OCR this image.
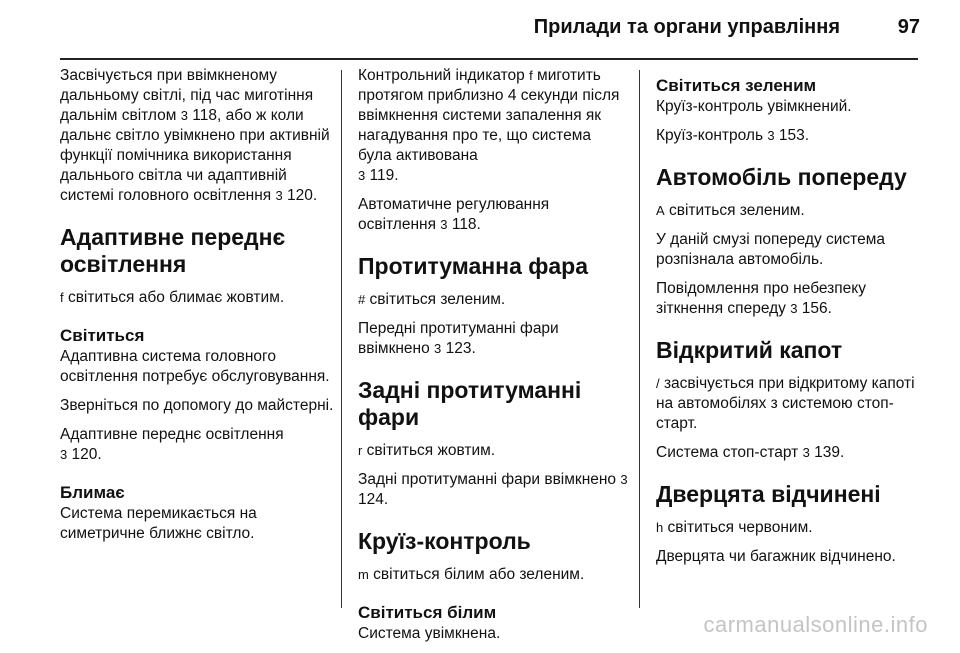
Прилади та органи управління	97

Засвічується при ввімкненому дальньому світлі, під час миготіння дальнім світлом 3 118, або ж коли дальнє світло увімкнено при активній функції помічника використання дальнього світла чи адаптивній системі головного освітлення 3 120.

Адаптивне переднє освітлення

f світиться або блимає жовтим.

Світиться

Адаптивна система головного освітлення потребує обслуговування.

Зверніться по допомогу до майстерні.

Адаптивне переднє освітлення
3 120.

Блимає

Система перемикається на симетричне ближнє світло.

Контрольний індикатор f миготить протягом приблизно 4 секунди після ввімкнення системи запалення як нагадування про те, що система була активована
3 119.

Автоматичне регулювання освітлення 3 118.

Протитуманна фара

# світиться зеленим.

Передні протитуманні фари ввімкнено 3 123.

Задні протитуманні фари

r світиться жовтим.

Задні протитуманні фари ввімкнено 3 124.

Круїз-контроль

m світиться білим або зеленим.

Світиться білим

Система увімкнена.

Світиться зеленим

Круїз-контроль увімкнений.

Круїз-контроль 3 153.

Автомобіль попереду

A світиться зеленим.

У даній смузі попереду система розпізнала автомобіль.

Повідомлення про небезпеку зіткнення спереду 3 156.

Відкритий капот

/ засвічується при відкритому капоті на автомобілях з системою стоп-старт.

Система стоп-старт 3 139.

Дверцята відчинені

h світиться червоним.

Дверцята чи багажник відчинено.

carmanualsonline.info
